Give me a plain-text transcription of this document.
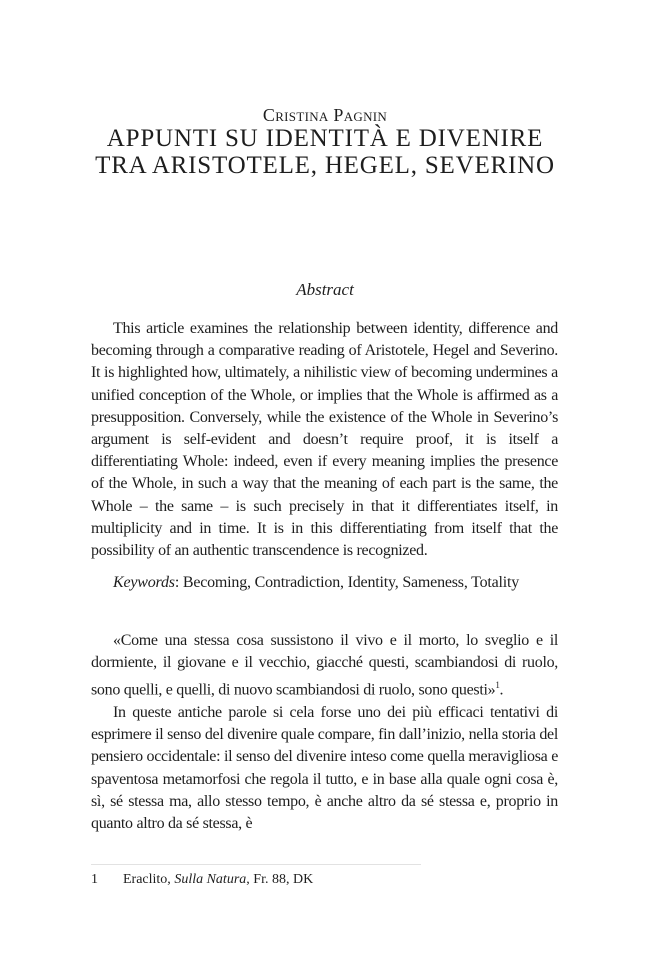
Cristina Pagnin
APPUNTI SU IDENTITÀ E DIVENIRE
TRA ARISTOTELE, HEGEL, SEVERINO
Abstract

This article examines the relationship between identity, difference and becoming through a comparative reading of Aristotele, Hegel and Severino. It is highlighted how, ultimately, a nihilistic view of becoming undermines a unified conception of the Whole, or implies that the Whole is affirmed as a presupposition. Conversely, while the existence of the Whole in Severino’s argument is self-evident and doesn’t require proof, it is itself a differentiating Whole: indeed, even if every meaning implies the presence of the Whole, in such a way that the meaning of each part is the same, the Whole – the same – is such precisely in that it differentiates itself, in multiplicity and in time. It is in this differentiating from itself that the possibility of an authentic transcendence is recognized.

Keywords: Becoming, Contradiction, Identity, Sameness, Totality

«Come una stessa cosa sussistono il vivo e il morto, lo sveglio e il dormiente, il giovane e il vecchio, giacché questi, scambiandosi di ruolo, sono quelli, e quelli, di nuovo scambiandosi di ruolo, sono questi»$^1$.

In queste antiche parole si cela forse uno dei più efficaci tentativi di esprimere il senso del divenire quale compare, fin dall’inizio, nella storia del pensiero occidentale: il senso del divenire inteso come quella meravigliosa e spaventosa metamorfosi che regola il tutto, e in base alla quale ogni cosa è, sì, sé stessa ma, allo stesso tempo, è anche altro da sé stessa e, proprio in quanto altro da sé stessa, è

1 Eraclito, Sulla Natura, Fr. 88, DK
